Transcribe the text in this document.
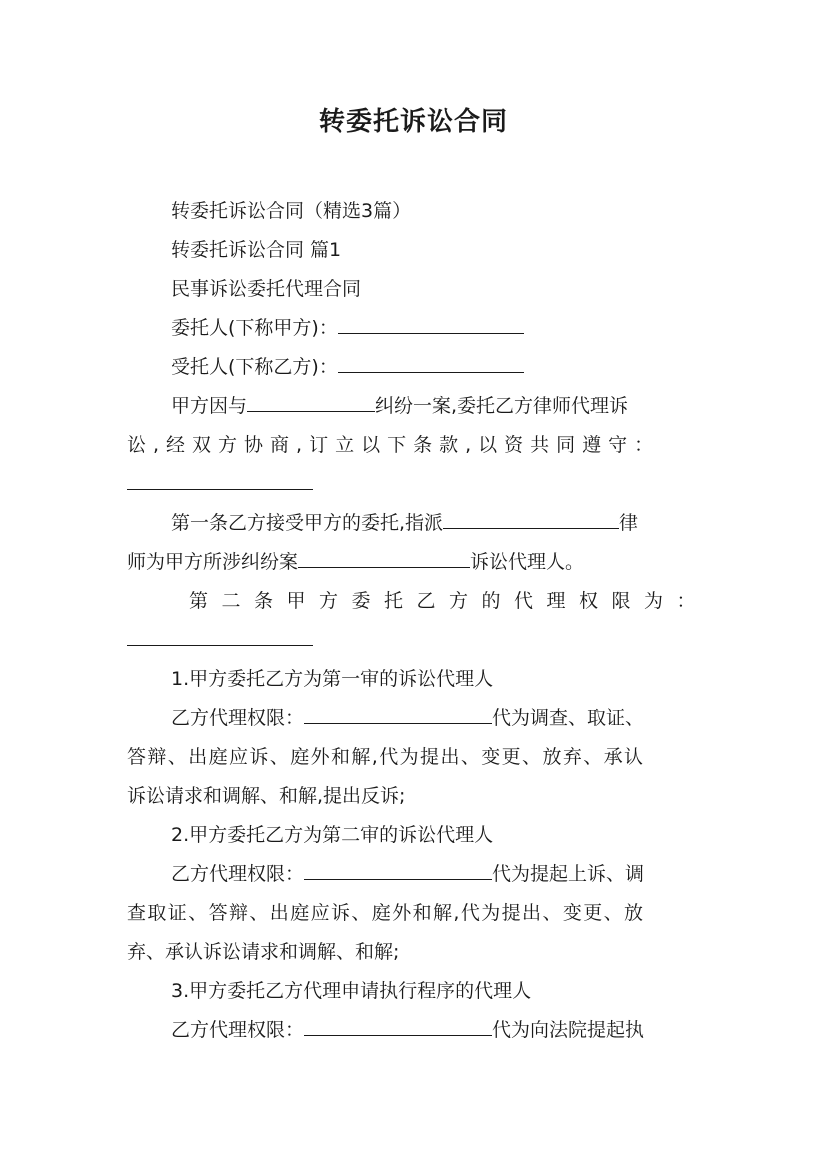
转委托诉讼合同
转委托诉讼合同（精选3篇）
转委托诉讼合同 篇1
民事诉讼委托代理合同
委托人(下称甲方)：
受托人(下称乙方)：
甲方因与	纠纷一案,委托乙方律师代理诉
讼,经双方协商,订立以下条款,以资共同遵守：
第一条乙方接受甲方的委托,指派	律
师为甲方所涉纠纷案	诉讼代理人。
第二条甲方委托乙方的代理权限为：
1.甲方委托乙方为第一审的诉讼代理人
乙方代理权限：	代为调查、取证、
答辩、出庭应诉、庭外和解,代为提出、变更、放弃、承认
诉讼请求和调解、和解,提出反诉;
2.甲方委托乙方为第二审的诉讼代理人
乙方代理权限：	代为提起上诉、调
查取证、答辩、出庭应诉、庭外和解,代为提出、变更、放
弃、承认诉讼请求和调解、和解;
3.甲方委托乙方代理申请执行程序的代理人
乙方代理权限：	代为向法院提起执
